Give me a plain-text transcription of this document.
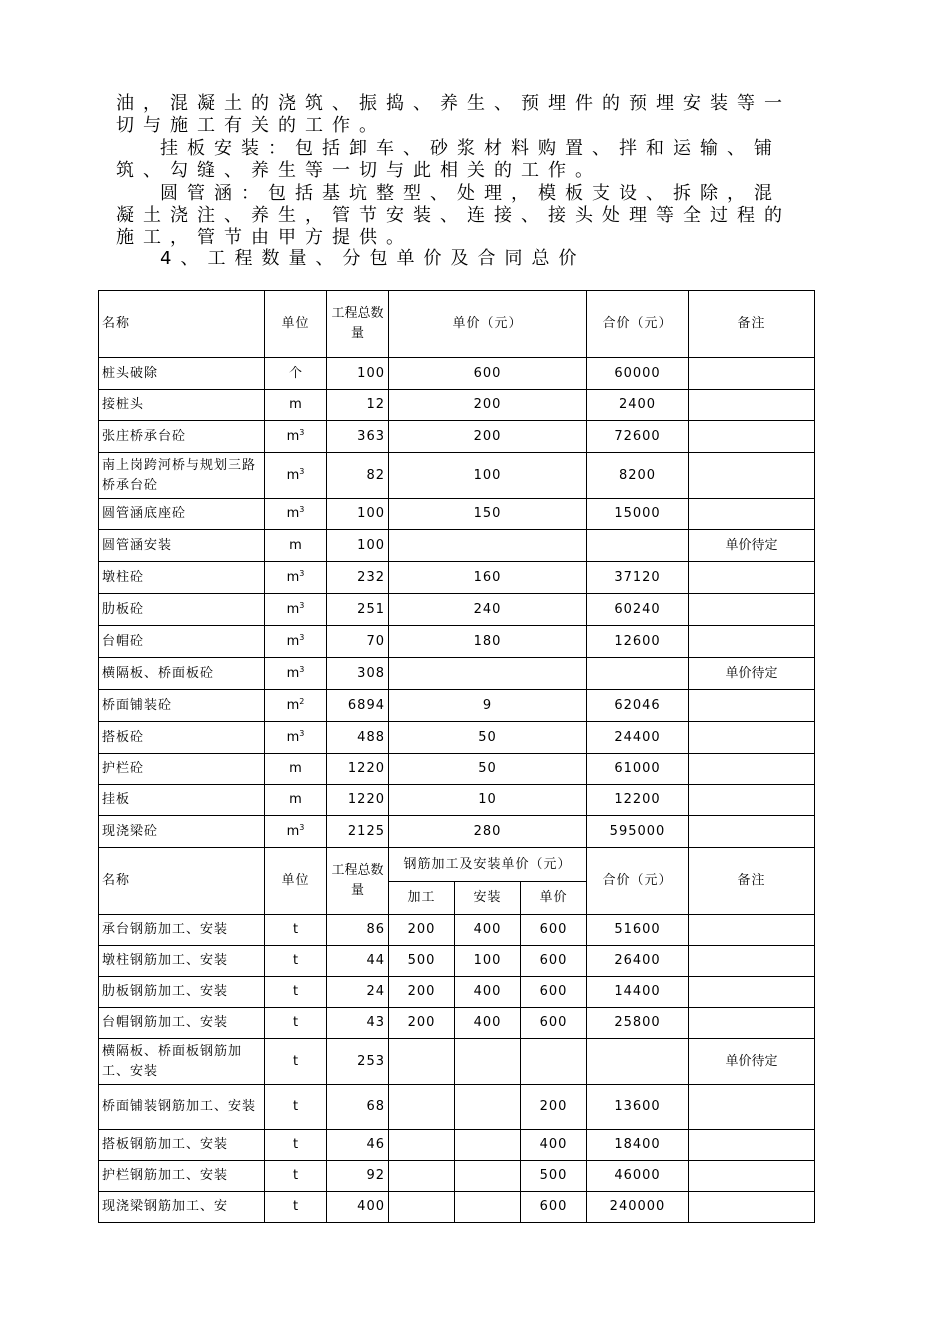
油，混凝土的浇筑、振捣、养生、预埋件的预埋安装等一

切与施工有关的工作。

挂板安装：包括卸车、砂浆材料购置、拌和运输、铺

筑、勾缝、养生等一切与此相关的工作。

圆管涵：包括基坑整型、处理，模板支设、拆除，混

凝土浇注、养生，管节安装、连接、接头处理等全过程的

施工，管节由甲方提供。

4、工程数量、分包单价及合同总价

名称	单位	工程总数量	单价（元）			合价（元）	备注
桩头破除	个	100	600			60000	
接桩头	m	12	200			2400	
张庄桥承台砼	$m^3$	363	200			72600	
南上岗跨河桥与规划三路桥承台砼	$m^3$	82	100			8200	
圆管涵底座砼	$m^3$	100	150			15000	
圆管涵安装	m	100					单价待定
墩柱砼	$m^3$	232	160			37120	
肋板砼	$m^3$	251	240			60240	
台帽砼	$m^3$	70	180			12600	
横隔板、桥面板砼	$m^3$	308					单价待定
桥面铺装砼	$m^2$	6894	9			62046	
搭板砼	$m^3$	488	50			24400	
护栏砼	m	1220	50			61000	
挂板	m	1220	10			12200	
现浇梁砼	$m^3$	2125	280			595000	
名称	单位	工程总数量	钢筋加工及安装单价（元）			合价（元）	备注
			加工	安装	单价		
承台钢筋加工、安装	t	86	200	400	600	51600	
墩柱钢筋加工、安装	t	44	500	100	600	26400	
肋板钢筋加工、安装	t	24	200	400	600	14400	
台帽钢筋加工、安装	t	43	200	400	600	25800	
横隔板、桥面板钢筋加工、安装	t	253					单价待定
桥面铺装钢筋加工、安装	t	68			200	13600	
搭板钢筋加工、安装	t	46			400	18400	
护栏钢筋加工、安装	t	92			500	46000	
现浇梁钢筋加工、安	t	400			600	240000	
